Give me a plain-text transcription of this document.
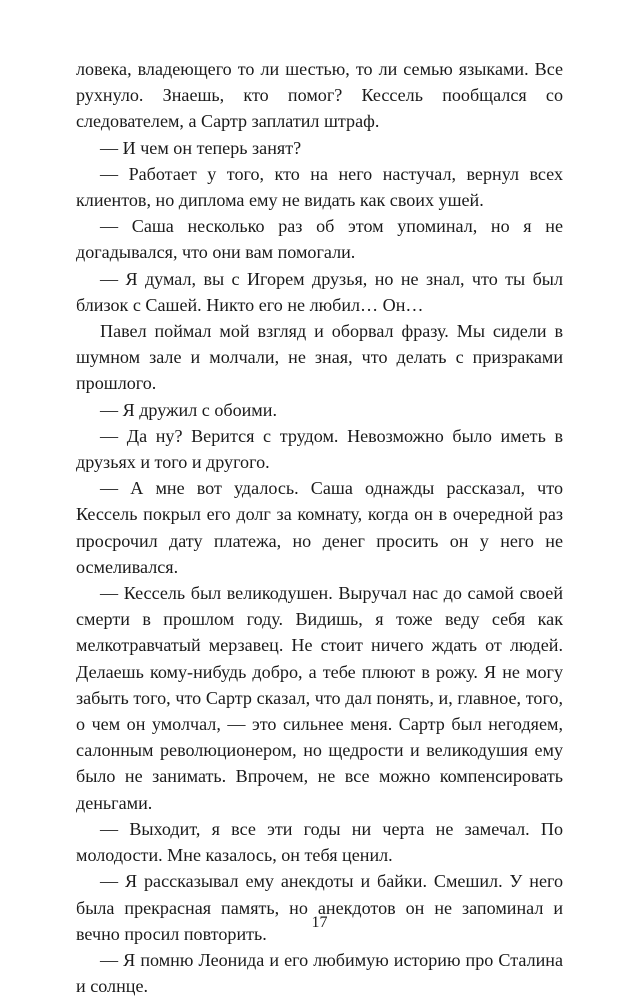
ловека, владеющего то ли шестью, то ли семью языками. Все рухнуло. Знаешь, кто помог? Кессель пообщался со следователем, а Сартр заплатил штраф.

— И чем он теперь занят?

— Работает у того, кто на него настучал, вернул всех клиентов, но диплома ему не видать как своих ушей.

— Саша несколько раз об этом упоминал, но я не догадывался, что они вам помогали.

— Я думал, вы с Игорем друзья, но не знал, что ты был близок с Сашей. Никто его не любил… Он…

Павел поймал мой взгляд и оборвал фразу. Мы сидели в шумном зале и молчали, не зная, что делать с призраками прошлого.

— Я дружил с обоими.

— Да ну? Верится с трудом. Невозможно было иметь в друзьях и того и другого.

— А мне вот удалось. Саша однажды рассказал, что Кессель покрыл его долг за комнату, когда он в очередной раз просрочил дату платежа, но денег просить он у него не осмеливался.

— Кессель был великодушен. Выручал нас до самой своей смерти в прошлом году. Видишь, я тоже веду себя как мелкотравчатый мерзавец. Не стоит ничего ждать от людей. Делаешь кому-нибудь добро, а тебе плюют в рожу. Я не могу забыть того, что Сартр сказал, что дал понять, и, главное, того, о чем он умолчал, — это сильнее меня. Сартр был негодяем, салонным революционером, но щедрости и великодушия ему было не занимать. Впрочем, не все можно компенсировать деньгами.

— Выходит, я все эти годы ни черта не замечал. По молодости. Мне казалось, он тебя ценил.

— Я рассказывал ему анекдоты и байки. Смешил. У него была прекрасная память, но анекдотов он не запоминал и вечно просил повторить.

— Я помню Леонида и его любимую историю про Сталина и солнце.

17
